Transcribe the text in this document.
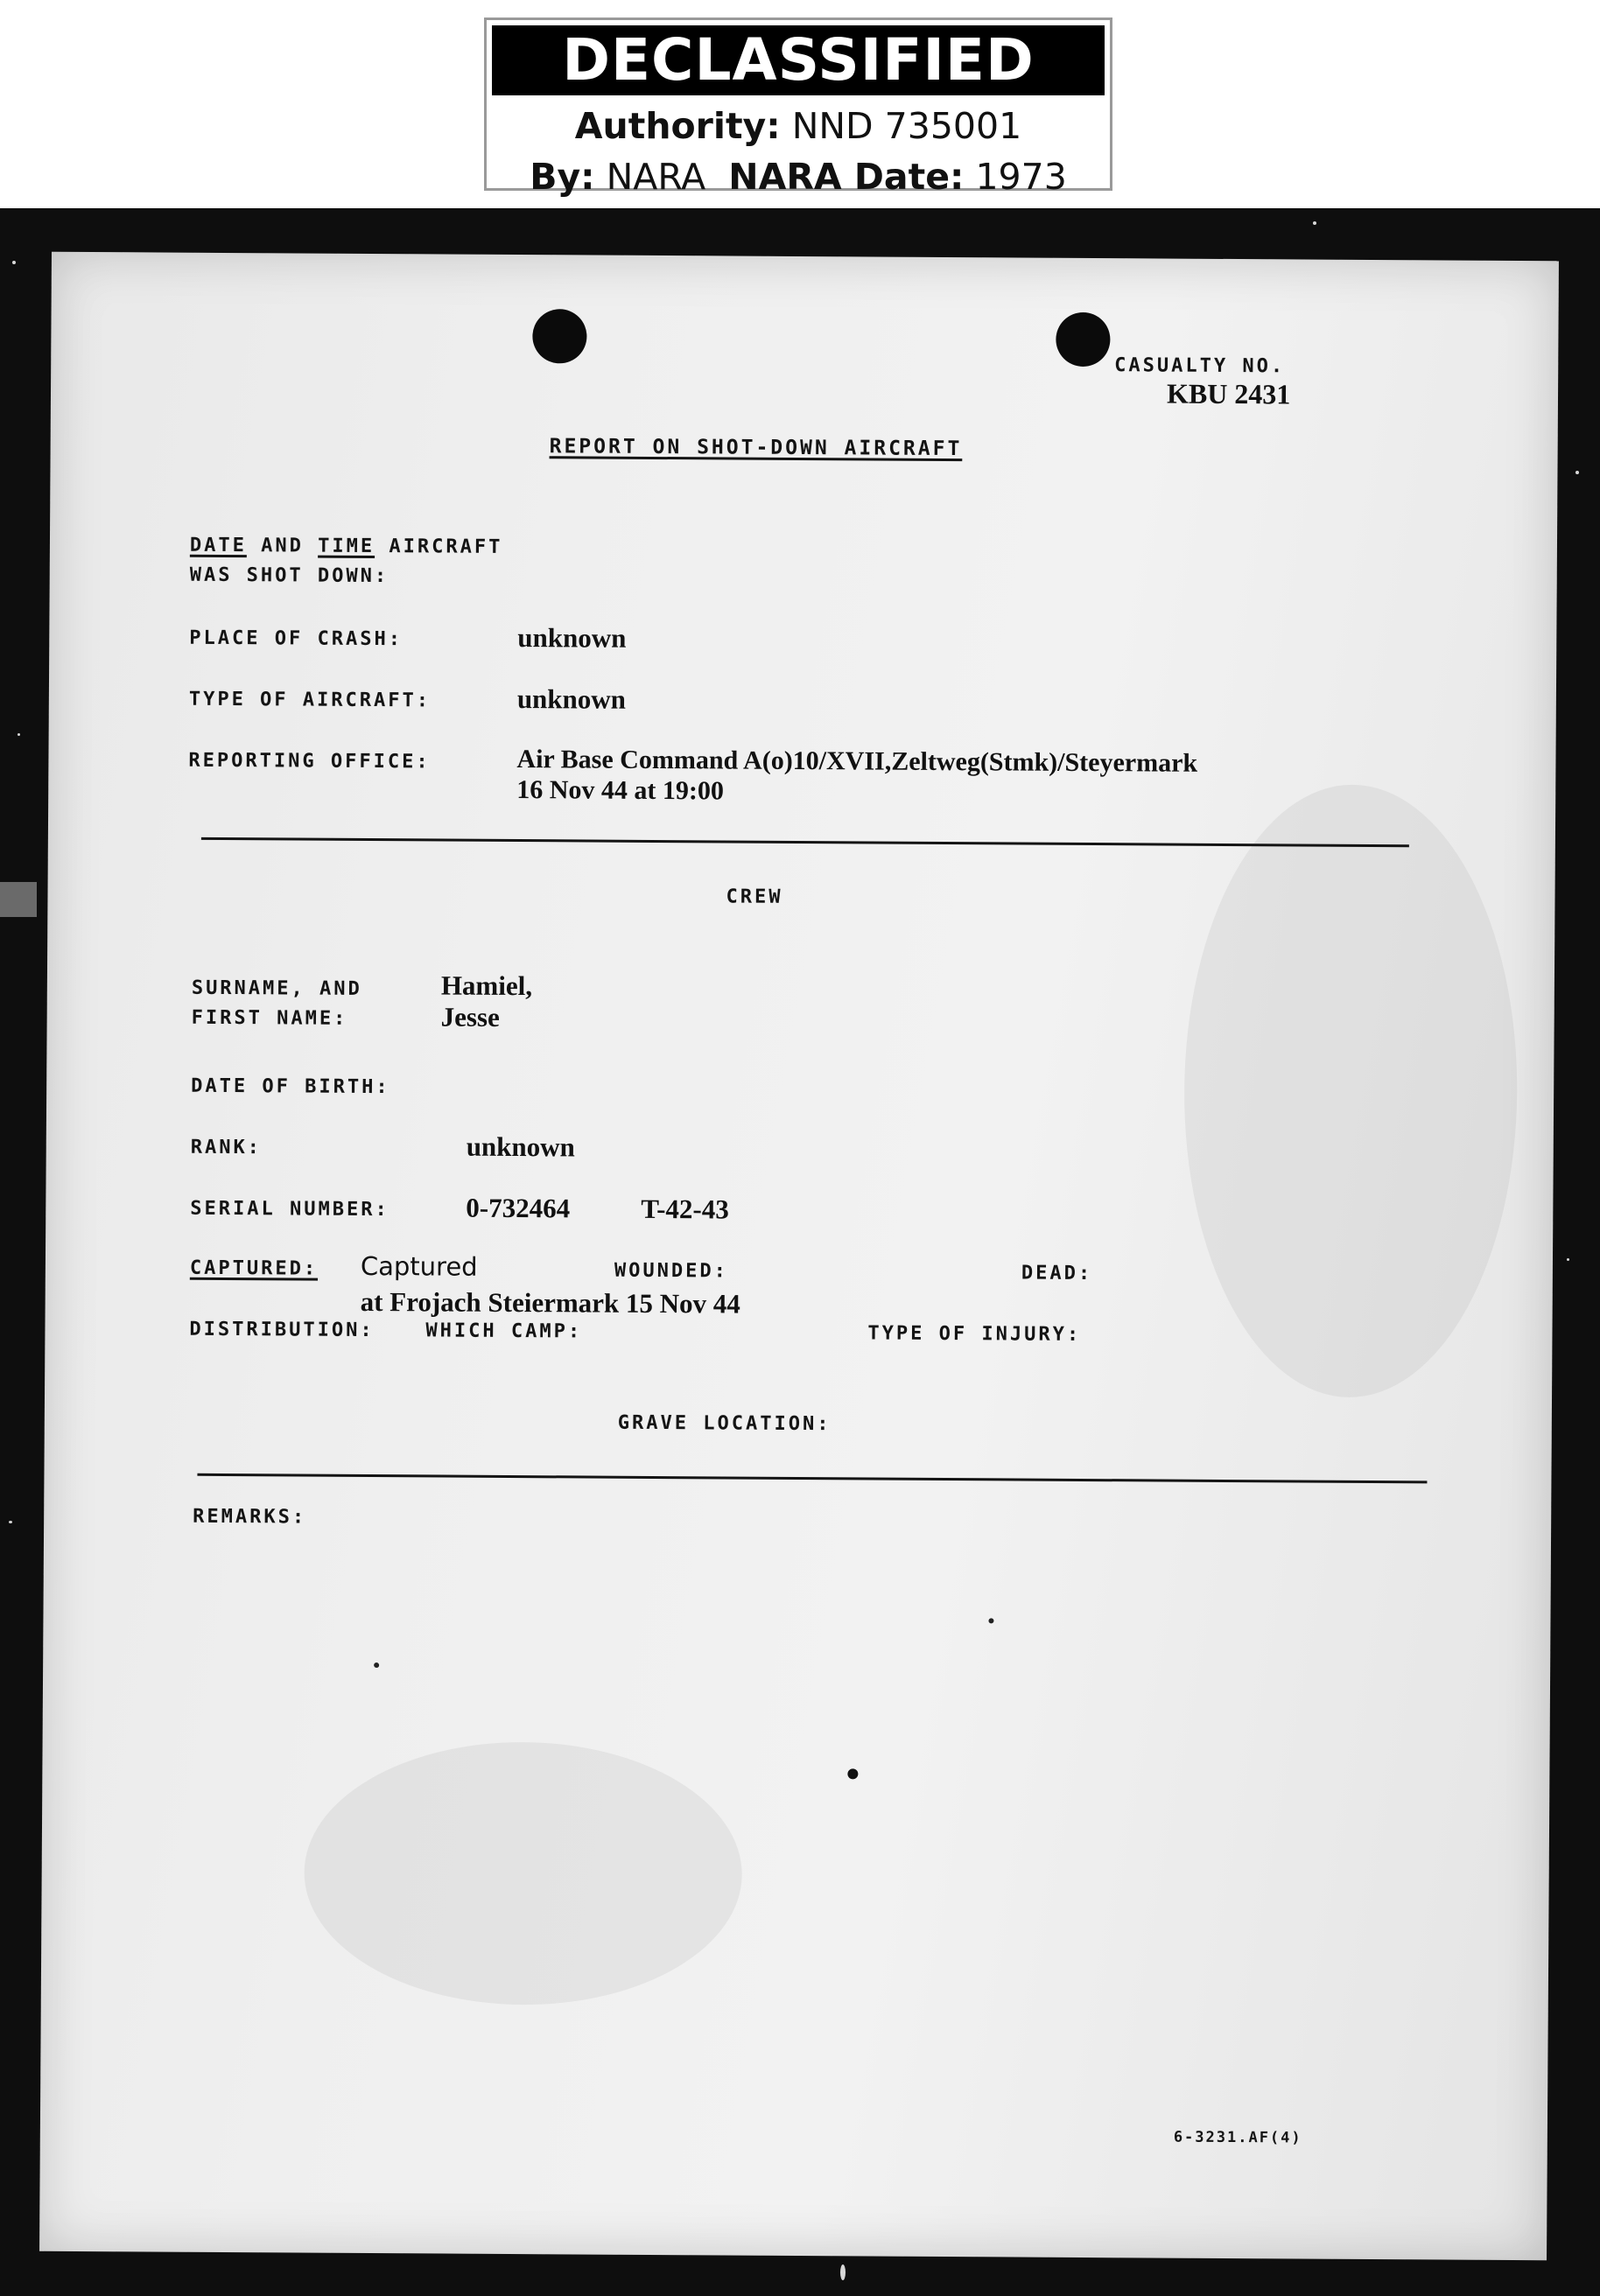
DECLASSIFIED
Authority: NND 735001
By: NARA NARA Date: 1973
CASUALTY NO.
KBU 2431
REPORT ON SHOT-DOWN AIRCRAFT
DATE AND TIME AIRCRAFT
WAS SHOT DOWN:
PLACE OF CRASH:	unknown
TYPE OF AIRCRAFT:	unknown
REPORTING OFFICE:	Air Base Command A(o)10/XVII,Zeltweg(Stmk)/Steyermark
16 Nov 44 at 19:00
CREW
SURNAME, AND
FIRST NAME:
Hamiel,
Jesse
DATE OF BIRTH:
RANK:	unknown
SERIAL NUMBER:	0-732464	T-42-43
CAPTURED: Captured
at Frojach Steiermark 15 Nov 44
WOUNDED:	DEAD:
DISTRIBUTION:	WHICH CAMP:	TYPE OF INJURY:
GRAVE LOCATION:
REMARKS:
6-3231.AF(4)
